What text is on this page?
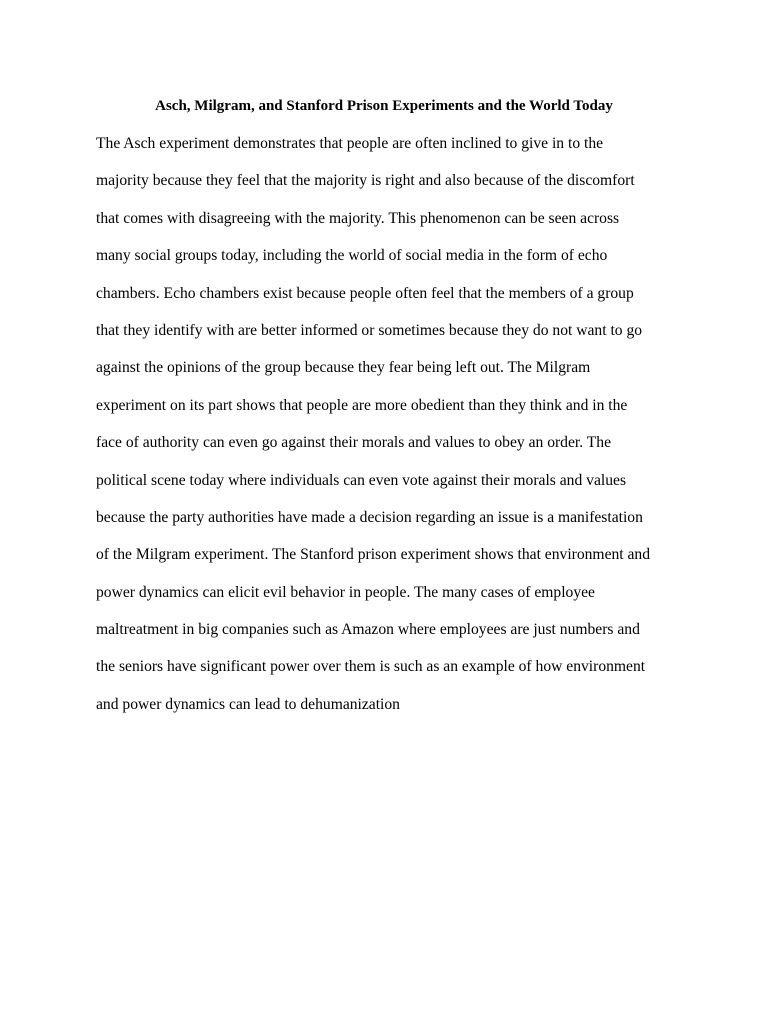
Asch, Milgram, and Stanford Prison Experiments and the World Today
The Asch experiment demonstrates that people are often inclined to give in to the
majority because they feel that the majority is right and also because of the discomfort
that comes with disagreeing with the majority. This phenomenon can be seen across
many social groups today, including the world of social media in the form of echo
chambers. Echo chambers exist because people often feel that the members of a group
that they identify with are better informed or sometimes because they do not want to go
against the opinions of the group because they fear being left out. The Milgram
experiment on its part shows that people are more obedient than they think and in the
face of authority can even go against their morals and values to obey an order. The
political scene today where individuals can even vote against their morals and values
because the party authorities have made a decision regarding an issue is a manifestation
of the Milgram experiment. The Stanford prison experiment shows that environment and
power dynamics can elicit evil behavior in people. The many cases of employee
maltreatment in big companies such as Amazon where employees are just numbers and
the seniors have significant power over them is such as an example of how environment
and power dynamics can lead to dehumanization
